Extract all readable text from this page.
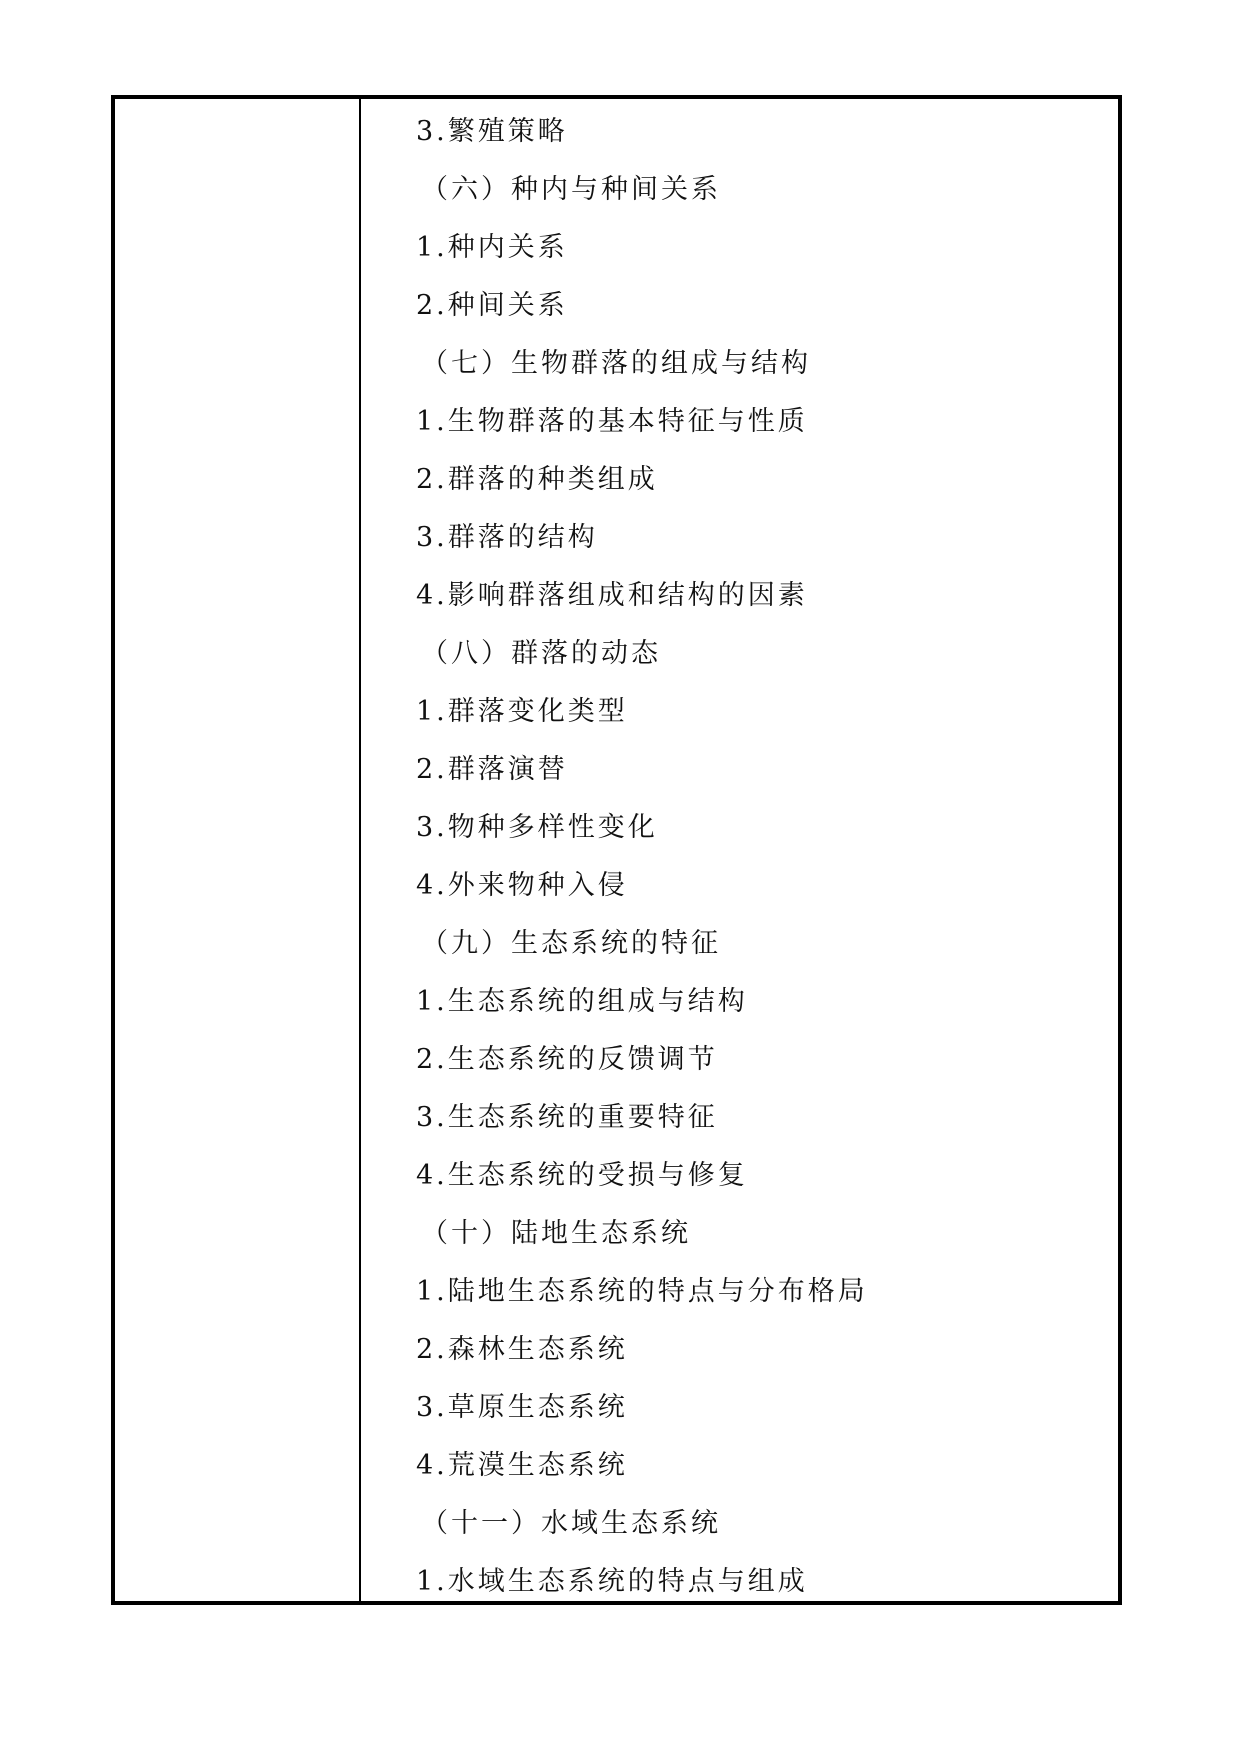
3.繁殖策略
（六）种内与种间关系
1.种内关系
2.种间关系
（七）生物群落的组成与结构
1.生物群落的基本特征与性质
2.群落的种类组成
3.群落的结构
4.影响群落组成和结构的因素
（八）群落的动态
1.群落变化类型
2.群落演替
3.物种多样性变化
4.外来物种入侵
（九）生态系统的特征
1.生态系统的组成与结构
2.生态系统的反馈调节
3.生态系统的重要特征
4.生态系统的受损与修复
（十）陆地生态系统
1.陆地生态系统的特点与分布格局
2.森林生态系统
3.草原生态系统
4.荒漠生态系统
（十一）水域生态系统
1.水域生态系统的特点与组成
